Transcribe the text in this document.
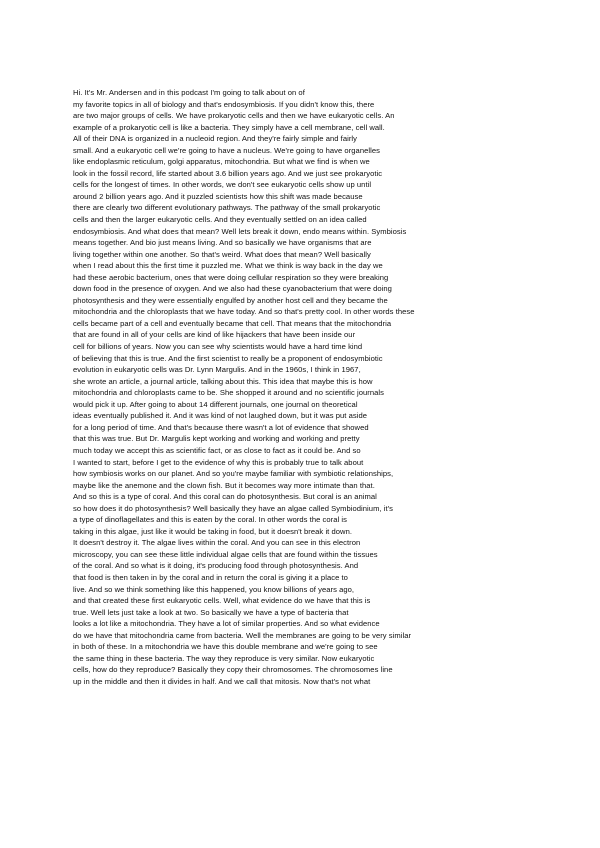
Hi. It's Mr. Andersen and in this podcast I'm going to talk about on of
my favorite topics in all of biology and that's endosymbiosis. If you didn't know this, there
are two major groups of cells. We have prokaryotic cells and then we have eukaryotic cells. An
example of a prokaryotic cell is like a bacteria. They simply have a cell membrane, cell wall.
All of their DNA is organized in a nucleoid region. And they're fairly simple and fairly
small. And a eukaryotic cell we're going to have a nucleus. We're going to have organelles
like endoplasmic reticulum, golgi apparatus, mitochondria. But what we find is when we
look in the fossil record, life started about 3.6 billion years ago. And we just see prokaryotic
cells for the longest of times. In other words, we don't see eukaryotic cells show up until
around 2 billion years ago. And it puzzled scientists how this shift was made because
there are clearly two different evolutionary pathways. The pathway of the small prokaryotic
cells and then the larger eukaryotic cells. And they eventually settled on an idea called
endosymbiosis. And what does that mean? Well lets break it down, endo means within. Symbiosis
means together. And bio just means living. And so basically we have organisms that are
living together within one another. So that's weird. What does that mean? Well basically
when I read about this the first time it puzzled me. What we think is way back in the day we
had these aerobic bacterium, ones that were doing cellular respiration so they were breaking
down food in the presence of oxygen. And we also had these cyanobacterium that were doing
photosynthesis and they were essentially engulfed by another host cell and they became the
mitochondria and the chloroplasts that we have today. And so that's pretty cool. In other words these
cells became part of a cell and eventually became that cell. That means that the mitochondria
that are found in all of your cells are kind of like hijackers that have been inside our
cell for billions of years. Now you can see why scientists would have a hard time kind
of believing that this is true. And the first scientist to really be a proponent of endosymbiotic
evolution in eukaryotic cells was Dr. Lynn Margulis. And in the 1960s, I think in 1967,
she wrote an article, a journal article, talking about this. This idea that maybe this is how
mitochondria and chloroplasts came to be. She shopped it around and no scientific journals
would pick it up. After going to about 14 different journals, one journal on theoretical
ideas eventually published it. And it was kind of not laughed down, but it was put aside
for a long period of time. And that's because there wasn't a lot of evidence that showed
that this was true. But Dr. Margulis kept working and working and working and pretty
much today we accept this as scientific fact, or as close to fact as it could be. And so
I wanted to start, before I get to the evidence of why this is probably true to talk about
how symbiosis works on our planet. And so you're maybe familiar with symbiotic relationships,
maybe like the anemone and the clown fish. But it becomes way more intimate than that.
And so this is a type of coral. And this coral can do photosynthesis. But coral is an animal
so how does it do photosynthesis? Well basically they have an algae called Symbiodinium, it's
a type of dinoflagellates and this is eaten by the coral. In other words the coral is
taking in this algae, just like it would be taking in food, but it doesn't break it down.
It doesn't destroy it. The algae lives within the coral. And you can see in this electron
microscopy, you can see these little individual algae cells that are found within the tissues
of the coral. And so what is it doing, it's producing food through photosynthesis. And
that food is then taken in by the coral and in return the coral is giving it a place to
live. And so we think something like this happened, you know billions of years ago,
and that created these first eukaryotic cells. Well, what evidence do we have that this is
true. Well lets just take a look at two. So basically we have a type of bacteria that
looks a lot like a mitochondria. They have a lot of similar properties. And so what evidence
do we have that mitochondria came from bacteria. Well the membranes are going to be very similar
in both of these. In a mitochondria we have this double membrane and we're going to see
the same thing in these bacteria. The way they reproduce is very similar. Now eukaryotic
cells, how do they reproduce? Basically they copy their chromosomes. The chromosomes line
up in the middle and then it divides in half. And we call that mitosis. Now that's not what
